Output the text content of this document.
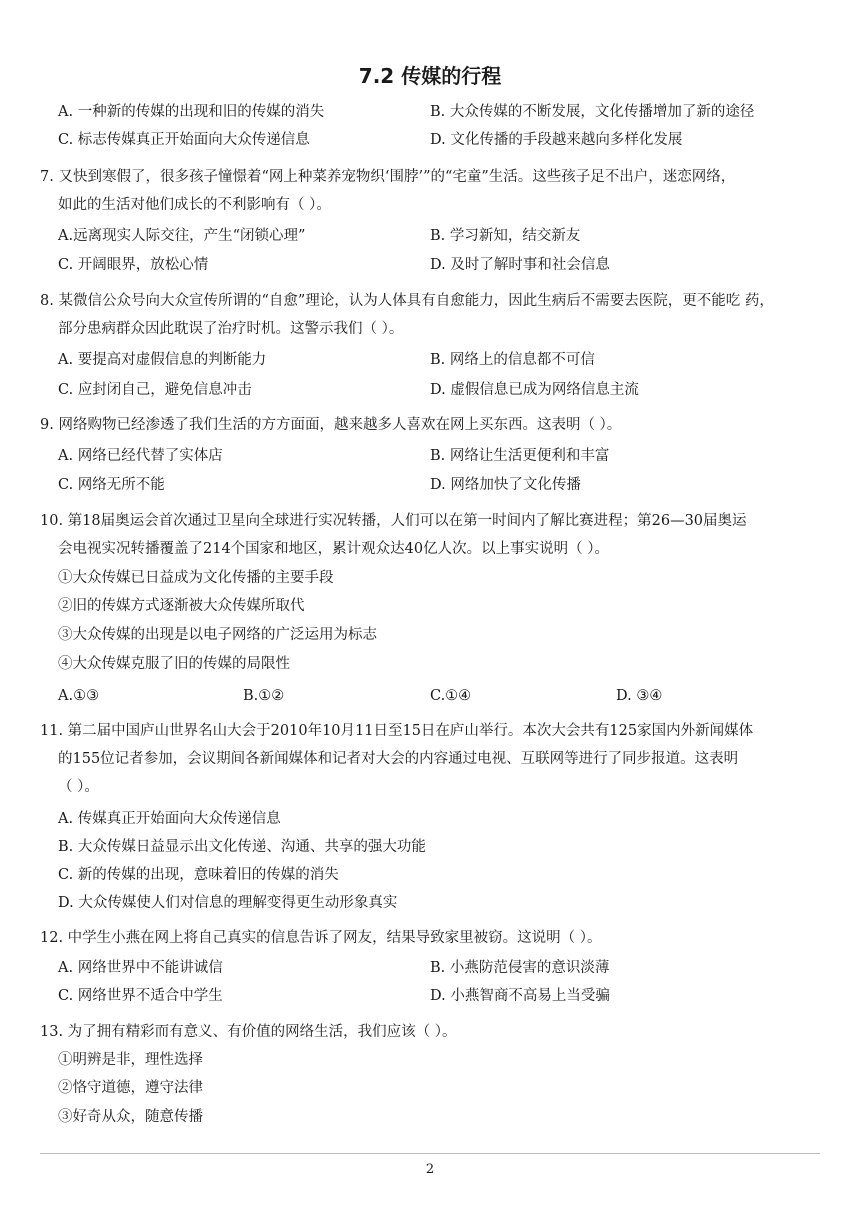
7.2 传媒的行程
A. 一种新的传媒的出现和旧的传媒的消失	B. 大众传媒的不断发展，文化传播增加了新的途径
C. 标志传媒真正开始面向大众传递信息	D. 文化传播的手段越来越向多样化发展
7. 又快到寒假了，很多孩子憧憬着“网上种菜养宠物织‘围脖’”的“宅童”生活。这些孩子足不出户，迷恋网络，
如此的生活对他们成长的不利影响有（ ）。
A.远离现实人际交往，产生“闭锁心理”	B. 学习新知，结交新友
C. 开阔眼界，放松心情	D. 及时了解时事和社会信息
8. 某微信公众号向大众宣传所谓的“自愈”理论，认为人体具有自愈能力，因此生病后不需要去医院，更不能吃 药，
部分患病群众因此耽误了治疗时机。这警示我们（ ）。
A. 要提高对虚假信息的判断能力	B. 网络上的信息都不可信
C. 应封闭自己，避免信息冲击	D. 虚假信息已成为网络信息主流
9. 网络购物已经渗透了我们生活的方方面面，越来越多人喜欢在网上买东西。这表明（ ）。
A. 网络已经代替了实体店	B. 网络让生活更便利和丰富
C. 网络无所不能	D. 网络加快了文化传播
10. 第18届奥运会首次通过卫星向全球进行实况转播，人们可以在第一时间内了解比赛进程；第26—30届奥运
会电视实况转播覆盖了214个国家和地区，累计观众达40亿人次。以上事实说明（ ）。
①大众传媒已日益成为文化传播的主要手段
②旧的传媒方式逐渐被大众传媒所取代
③大众传媒的出现是以电子网络的广泛运用为标志
④大众传媒克服了旧的传媒的局限性
A.①③	B.①②	C.①④	D. ③④
11. 第二届中国庐山世界名山大会于2010年10月11日至15日在庐山举行。本次大会共有125家国内外新闻媒体
的155位记者参加，会议期间各新闻媒体和记者对大会的内容通过电视、互联网等进行了同步报道。这表明
（ ）。
A. 传媒真正开始面向大众传递信息
B. 大众传媒日益显示出文化传递、沟通、共享的强大功能
C. 新的传媒的出现，意味着旧的传媒的消失
D. 大众传媒使人们对信息的理解变得更生动形象真实
12. 中学生小燕在网上将自己真实的信息告诉了网友，结果导致家里被窃。这说明（ ）。
A. 网络世界中不能讲诚信	B. 小燕防范侵害的意识淡薄
C. 网络世界不适合中学生	D. 小燕智商不高易上当受骗
13. 为了拥有精彩而有意义、有价值的网络生活，我们应该（ ）。
①明辨是非，理性选择
②恪守道德，遵守法律
③好奇从众，随意传播
2
